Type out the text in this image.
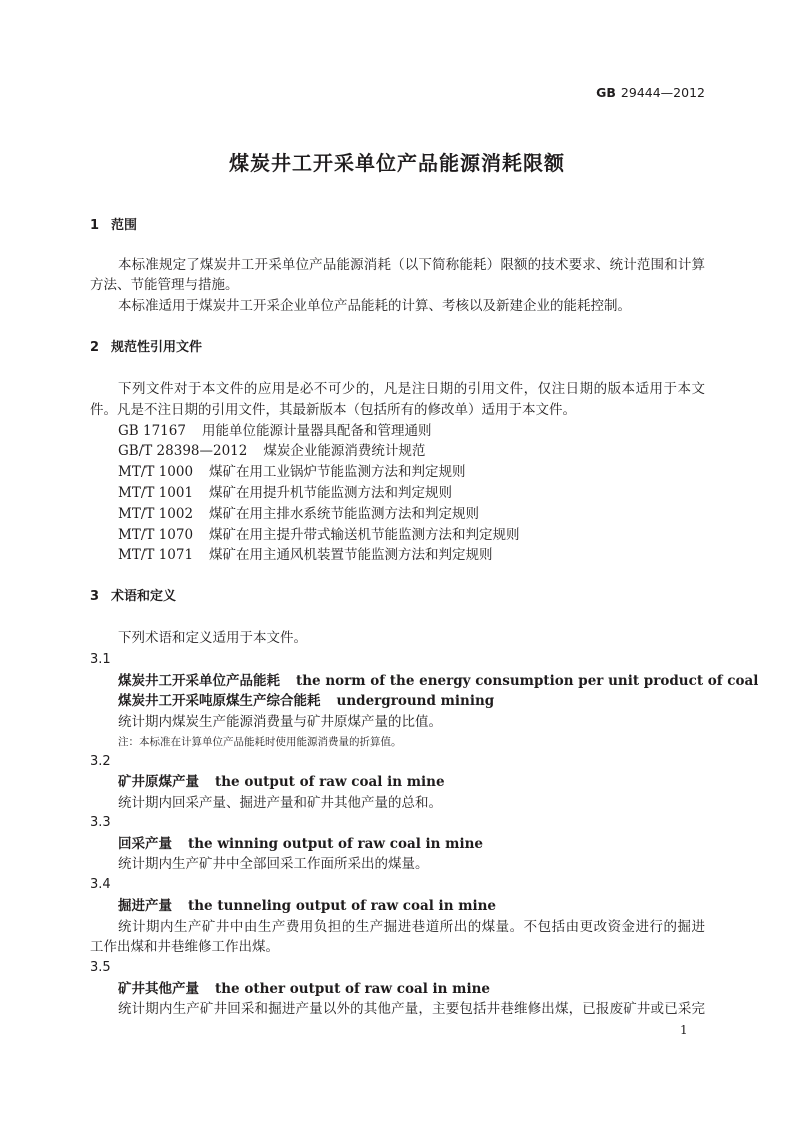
GB 29444—2012
煤炭井工开采单位产品能源消耗限额
1 范围
本标准规定了煤炭井工开采单位产品能源消耗（以下简称能耗）限额的技术要求、统计范围和计算
方法、节能管理与措施。
本标准适用于煤炭井工开采企业单位产品能耗的计算、考核以及新建企业的能耗控制。
2 规范性引用文件
下列文件对于本文件的应用是必不可少的，凡是注日期的引用文件，仅注日期的版本适用于本文
件。凡是不注日期的引用文件，其最新版本（包括所有的修改单）适用于本文件。
GB 17167 用能单位能源计量器具配备和管理通则
GB/T 28398—2012 煤炭企业能源消费统计规范
MT/T 1000 煤矿在用工业锅炉节能监测方法和判定规则
MT/T 1001 煤矿在用提升机节能监测方法和判定规则
MT/T 1002 煤矿在用主排水系统节能监测方法和判定规则
MT/T 1070 煤矿在用主提升带式输送机节能监测方法和判定规则
MT/T 1071 煤矿在用主通风机装置节能监测方法和判定规则
3 术语和定义
下列术语和定义适用于本文件。
3.1
煤炭井工开采单位产品能耗 the norm of the energy consumption per unit product of coal
煤炭井工开采吨原煤生产综合能耗 underground mining
统计期内煤炭生产能源消费量与矿井原煤产量的比值。
注：本标准在计算单位产品能耗时使用能源消费量的折算值。
3.2
矿井原煤产量 the output of raw coal in mine
统计期内回采产量、掘进产量和矿井其他产量的总和。
3.3
回采产量 the winning output of raw coal in mine
统计期内生产矿井中全部回采工作面所采出的煤量。
3.4
掘进产量 the tunneling output of raw coal in mine
统计期内生产矿井中由生产费用负担的生产掘进巷道所出的煤量。不包括由更改资金进行的掘进
工作出煤和井巷维修工作出煤。
3.5
矿井其他产量 the other output of raw coal in mine
统计期内生产矿井回采和掘进产量以外的其他产量，主要包括井巷维修出煤，已报废矿井或已采完
1
